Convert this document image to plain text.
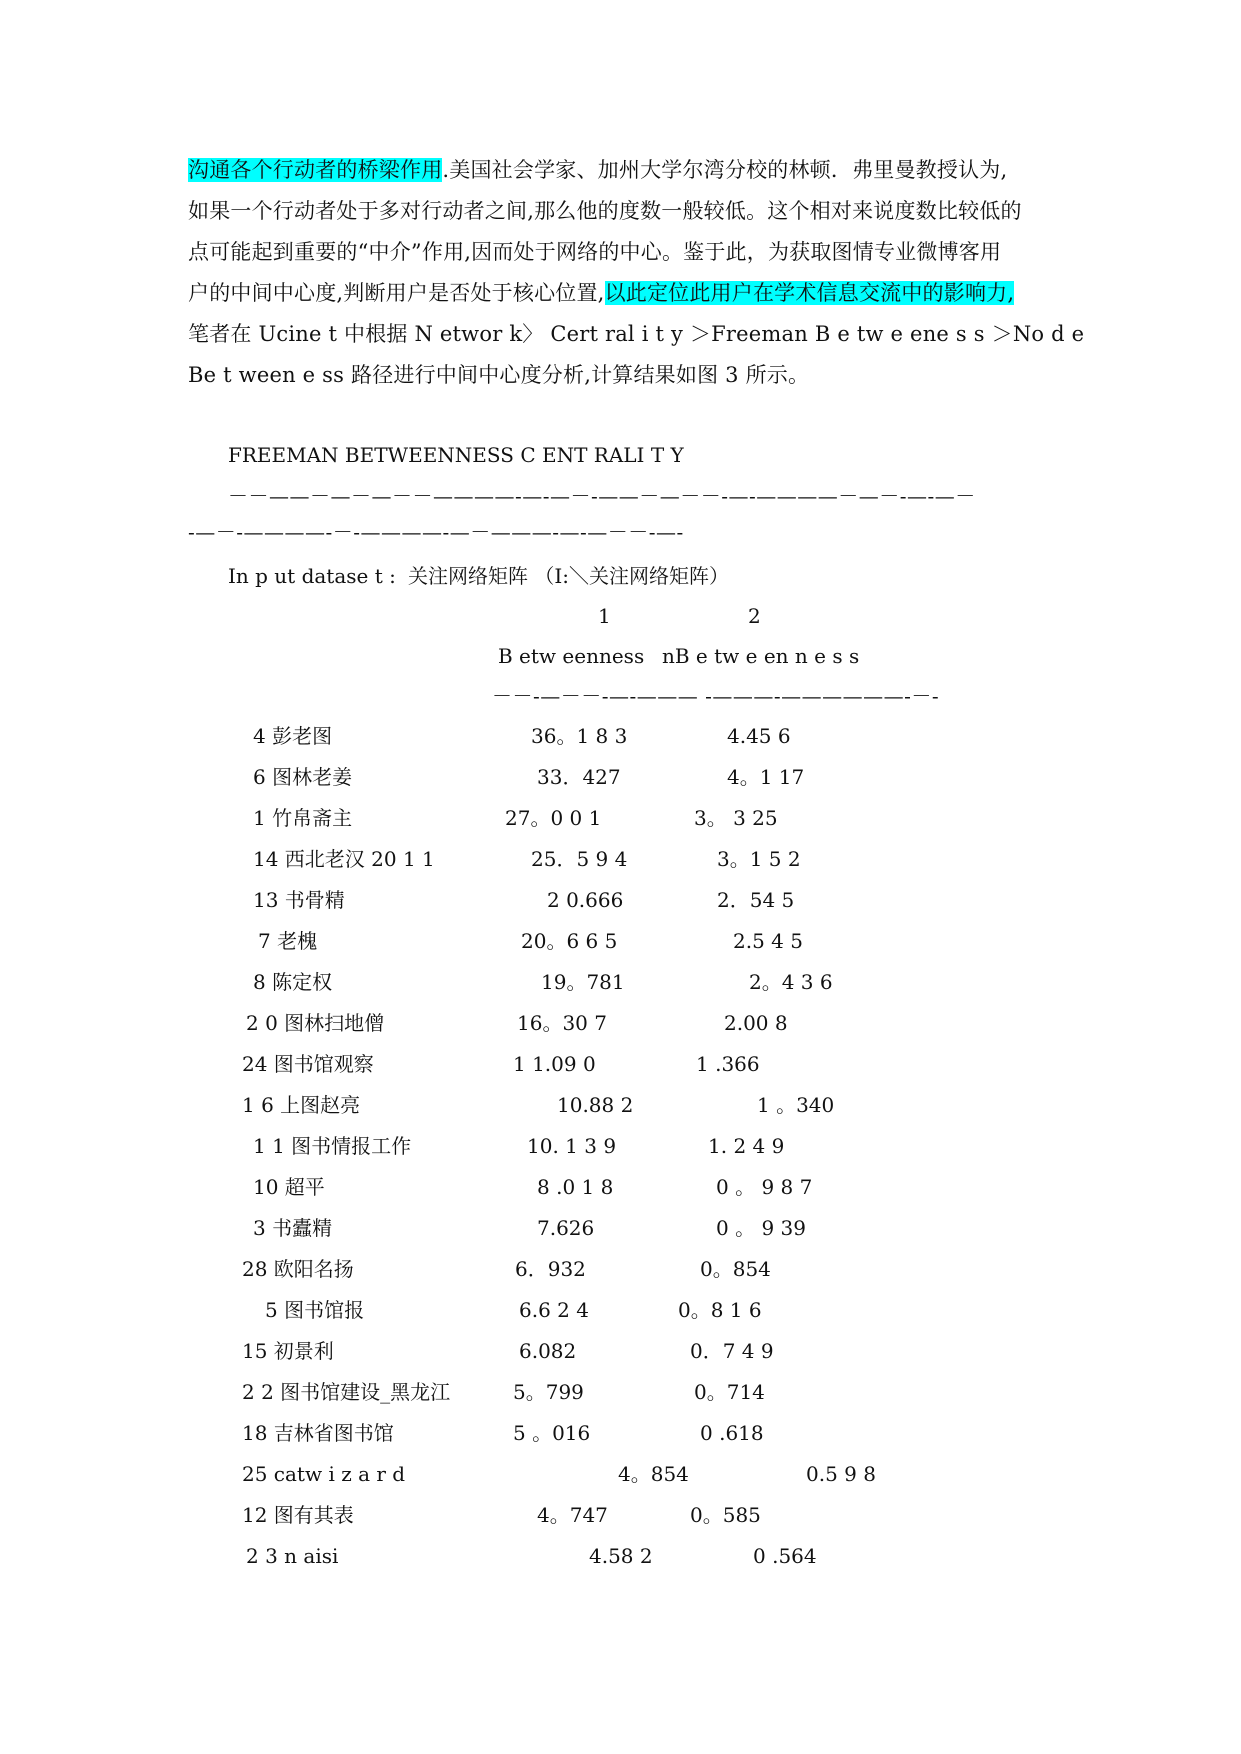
沟通各个行动者的桥梁作用.美国社会学家、加州大学尔湾分校的林顿．弗里曼教授认为,
如果一个行动者处于多对行动者之间,那么他的度数一般较低。这个相对来说度数比较低的
点可能起到重要的“中介”作用,因而处于网络的中心。鉴于此，为获取图情专业微博客用
户的中间中心度,判断用户是否处于核心位置,以此定位此用户在学术信息交流中的影响力,
笔者在 Ucine t 中根据 N etwor k〉 Cert ral i t y ＞Freeman B e tw e ene s s ＞No d e
Be t ween e ss 路径进行中间中心度分析,计算结果如图 3 所示。
FREEMAN BETWEENNESS C ENT RALI T Y
－－——－—－—－－————-—-—－-——－—－－-—-————－—－-—-—－
-—－-————-－-————-—－———-—-—－－-—-
In p ut datase t : 关注网络矩阵 （I:＼关注网络矩阵）
1	2
B etw eenness nB e tw e en n e s s
－－-—－－-—-——— -———-——————-－-
4 彭老图	36。1 8 3	4.45 6
6 图林老姜	33．427	4。1 17
1 竹帛斋主	27。0 0 1	3。 3 25
14 西北老汉 20 1 1	25．5 9 4	3。1 5 2
13 书骨精	2 0.666	2．54 5
7 老槐	20。6 6 5	2.5 4 5
8 陈定权	19。781	2。4 3 6
2 0 图林扫地僧	16。30 7	2.00 8
24 图书馆观察	1 1.09 0	1 .366
1 6 上图赵亮	10.88 2	1 。340
1 1 图书情报工作	10. 1 3 9	1. 2 4 9
10 超平	8 .0 1 8	0 。 9 8 7
3 书蠹精	7.626	0 。 9 39
28 欧阳名扬	6．932	0。854
5 图书馆报	6.6 2 4	0。8 1 6
15 初景利	6.082	0．7 4 9
2 2 图书馆建设_黑龙江	5。799	0。714
18 吉林省图书馆	5 。016	0 .618
25 catw i z a r d	4。854	0.5 9 8
12 图有其表	4。747	0。585
2 3 n aisi	4.58 2	0 .564
